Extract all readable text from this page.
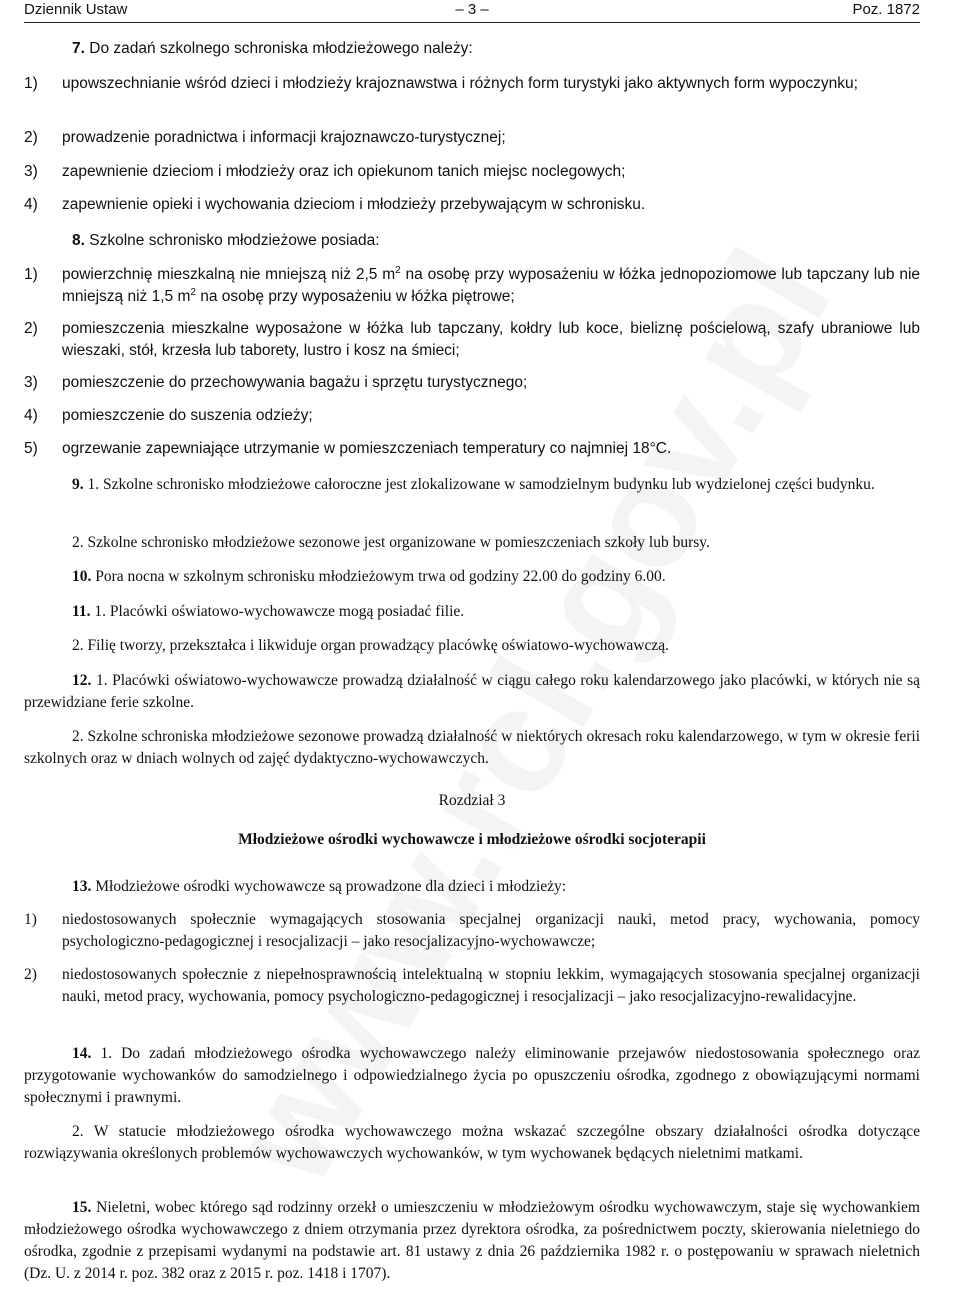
Dziennik Ustaw	– 3 –	Poz. 1872

7. Do zadań szkolnego schroniska młodzieżowego należy:

1) upowszechnianie wśród dzieci i młodzieży krajoznawstwa i różnych form turystyki jako aktywnych form wypoczynku;
2) prowadzenie poradnictwa i informacji krajoznawczo-turystycznej;
3) zapewnienie dzieciom i młodzieży oraz ich opiekunom tanich miejsc noclegowych;
4) zapewnienie opieki i wychowania dzieciom i młodzieży przebywającym w schronisku.

8. Szkolne schronisko młodzieżowe posiada:

1) powierzchnię mieszkalną nie mniejszą niż 2,5 $m^2$ na osobę przy wyposażeniu w łóżka jednopoziomowe lub tapczany lub nie mniejszą niż 1,5 $m^2$ na osobę przy wyposażeniu w łóżka piętrowe;
2) pomieszczenia mieszkalne wyposażone w łóżka lub tapczany, kołdry lub koce, bieliznę pościelową, szafy ubraniowe lub wieszaki, stół, krzesła lub taborety, lustro i kosz na śmieci;
3) pomieszczenie do przechowywania bagażu i sprzętu turystycznego;
4) pomieszczenie do suszenia odzieży;
5) ogrzewanie zapewniające utrzymanie w pomieszczeniach temperatury co najmniej 18°C.

9. 1. Szkolne schronisko młodzieżowe całoroczne jest zlokalizowane w samodzielnym budynku lub wydzielonej części budynku.

2. Szkolne schronisko młodzieżowe sezonowe jest organizowane w pomieszczeniach szkoły lub bursy.

10. Pora nocna w szkolnym schronisku młodzieżowym trwa od godziny 22.00 do godziny 6.00.

11. 1. Placówki oświatowo-wychowawcze mogą posiadać filie.

2. Filię tworzy, przekształca i likwiduje organ prowadzący placówkę oświatowo-wychowawczą.

12. 1. Placówki oświatowo-wychowawcze prowadzą działalność w ciągu całego roku kalendarzowego jako placówki, w których nie są przewidziane ferie szkolne.

2. Szkolne schroniska młodzieżowe sezonowe prowadzą działalność w niektórych okresach roku kalendarzowego, w tym w okresie ferii szkolnych oraz w dniach wolnych od zajęć dydaktyczno-wychowawczych.

Rozdział 3
Młodzieżowe ośrodki wychowawcze i młodzieżowe ośrodki socjoterapii

13. Młodzieżowe ośrodki wychowawcze są prowadzone dla dzieci i młodzieży:

1) niedostosowanych społecznie wymagających stosowania specjalnej organizacji nauki, metod pracy, wychowania, pomocy psychologiczno-pedagogicznej i resocjalizacji – jako resocjalizacyjno-wychowawcze;
2) niedostosowanych społecznie z niepełnosprawnością intelektualną w stopniu lekkim, wymagających stosowania specjalnej organizacji nauki, metod pracy, wychowania, pomocy psychologiczno-pedagogicznej i resocjalizacji – jako resocjalizacyjno-rewalidacyjne.

14. 1. Do zadań młodzieżowego ośrodka wychowawczego należy eliminowanie przejawów niedostosowania społecznego oraz przygotowanie wychowanków do samodzielnego i odpowiedzialnego życia po opuszczeniu ośrodka, zgodnego z obowiązującymi normami społecznymi i prawnymi.

2. W statucie młodzieżowego ośrodka wychowawczego można wskazać szczególne obszary działalności ośrodka dotyczące rozwiązywania określonych problemów wychowawczych wychowanków, w tym wychowanek będących nieletnimi matkami.

15. Nieletni, wobec którego sąd rodzinny orzekł o umieszczeniu w młodzieżowym ośrodku wychowawczym, staje się wychowankiem młodzieżowego ośrodka wychowawczego z dniem otrzymania przez dyrektora ośrodka, za pośrednictwem poczty, skierowania nieletniego do ośrodka, zgodnie z przepisami wydanymi na podstawie art. 81 ustawy z dnia 26 października 1982 r. o postępowaniu w sprawach nieletnich (Dz. U. z 2014 r. poz. 382 oraz z 2015 r. poz. 1418 i 1707).
